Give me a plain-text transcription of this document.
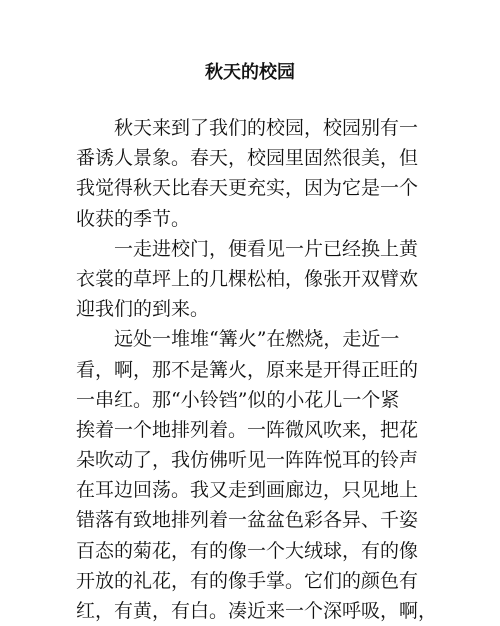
秋天的校园
秋天来到了我们的校园，校园别有一
番诱人景象。春天，校园里固然很美，但
我觉得秋天比春天更充实，因为它是一个
收获的季节。
一走进校门，便看见一片已经换上黄
衣裳的草坪上的几棵松柏，像张开双臂欢
迎我们的到来。
远处一堆堆“篝火”在燃烧，走近一
看，啊，那不是篝火，原来是开得正旺的
一串红。那“小铃铛”似的小花儿一个紧
挨着一个地排列着。一阵微风吹来，把花
朵吹动了，我仿佛听见一阵阵悦耳的铃声
在耳边回荡。我又走到画廊边，只见地上
错落有致地排列着一盆盆色彩各异、千姿
百态的菊花，有的像一个大绒球，有的像
开放的礼花，有的像手掌。它们的颜色有
红，有黄，有白。凑近来一个深呼吸，啊，
